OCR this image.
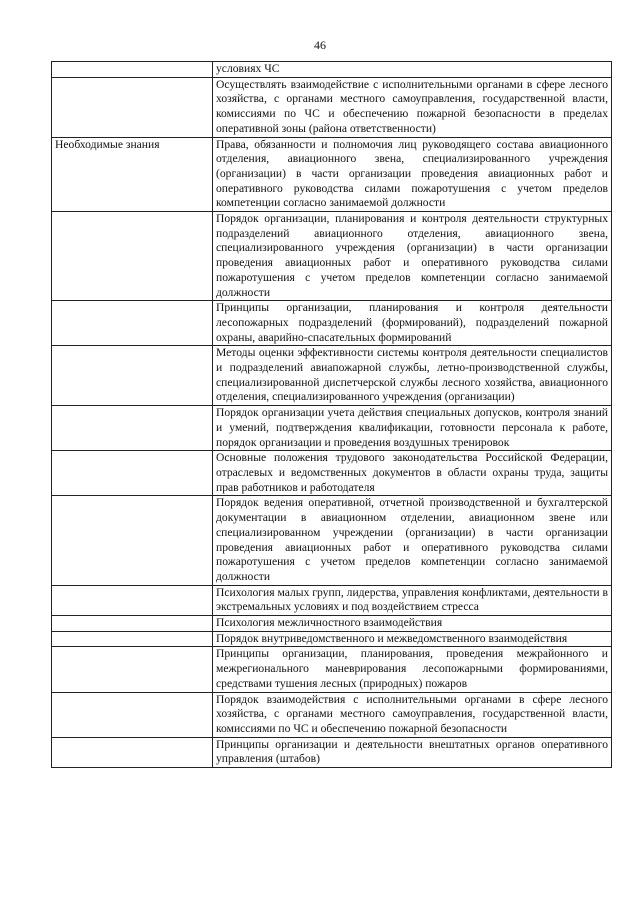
46

	условиях ЧС

	Осуществлять взаимодействие с исполнительными органами в сфере лесного хозяйства, с органами местного самоуправления, государственной власти, комиссиями по ЧС и обеспечению пожарной безопасности в пределах оперативной зоны (района ответственности)

Необходимые знания	Права, обязанности и полномочия лиц руководящего состава авиационного отделения, авиационного звена, специализированного учреждения (организации) в части организации проведения авиационных работ и оперативного руководства силами пожаротушения с учетом пределов компетенции согласно занимаемой должности

	Порядок организации, планирования и контроля деятельности структурных подразделений авиационного отделения, авиационного звена, специализированного учреждения (организации) в части организации проведения авиационных работ и оперативного руководства силами пожаротушения с учетом пределов компетенции согласно занимаемой должности

	Принципы организации, планирования и контроля деятельности лесопожарных подразделений (формирований), подразделений пожарной охраны, аварийно-спасательных формирований

	Методы оценки эффективности системы контроля деятельности специалистов и подразделений авиапожарной службы, летно-производственной службы, специализированной диспетчерской службы лесного хозяйства, авиационного отделения, специализированного учреждения (организации)

	Порядок организации учета действия специальных допусков, контроля знаний и умений, подтверждения квалификации, готовности персонала к работе, порядок организации и проведения воздушных тренировок

	Основные положения трудового законодательства Российской Федерации, отраслевых и ведомственных документов в области охраны труда, защиты прав работников и работодателя

	Порядок ведения оперативной, отчетной производственной и бухгалтерской документации в авиационном отделении, авиационном звене или специализированном учреждении (организации) в части организации проведения авиационных работ и оперативного руководства силами пожаротушения с учетом пределов компетенции согласно занимаемой должности

	Психология малых групп, лидерства, управления конфликтами, деятельности в экстремальных условиях и под воздействием стресса

	Психология межличностного взаимодействия

	Порядок внутриведомственного и межведомственного взаимодействия

	Принципы организации, планирования, проведения межрайонного и межрегионального маневрирования лесопожарными формированиями, средствами тушения лесных (природных) пожаров

	Порядок взаимодействия с исполнительными органами в сфере лесного хозяйства, с органами местного самоуправления, государственной власти, комиссиями по ЧС и обеспечению пожарной безопасности

	Принципы организации и деятельности внештатных органов оперативного управления (штабов)
